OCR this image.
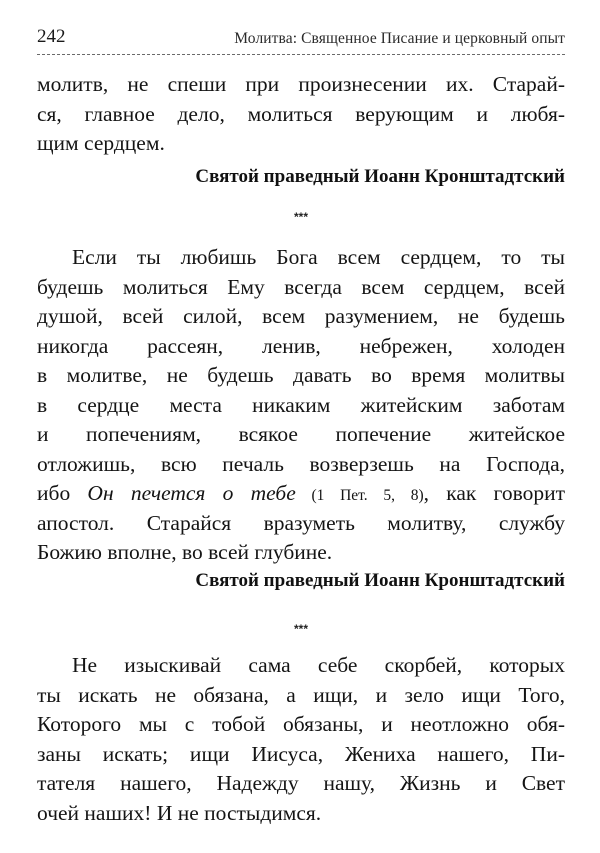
242	Молитва: Священное Писание и церковный опыт
молитв, не спеши при произнесении их. Старай-
ся, главное дело, молиться верующим и любя-
щим сердцем.
Святой праведный Иоанн Кронштадтский
***
Если ты любишь Бога всем сердцем, то ты
будешь молиться Ему всегда всем сердцем, всей
душой, всей силой, всем разумением, не будешь
никогда рассеян, ленив, небрежен, холоден
в молитве, не будешь давать во время молитвы
в сердце места никаким житейским заботам
и попечениям, всякое попечение житейское
отложишь, всю печаль возверзешь на Господа,
ибо Он печется о тебе (1 Пет. 5, 8), как говорит
апостол. Старайся вразуметь молитву, службу
Божию вполне, во всей глубине.
Святой праведный Иоанн Кронштадтский
***
Не изыскивай сама себе скорбей, которых
ты искать не обязана, а ищи, и зело ищи Того,
Которого мы с тобой обязаны, и неотложно обя-
заны искать; ищи Иисуса, Жениха нашего, Пи-
тателя нашего, Надежду нашу, Жизнь и Свет
очей наших! И не постыдимся.
